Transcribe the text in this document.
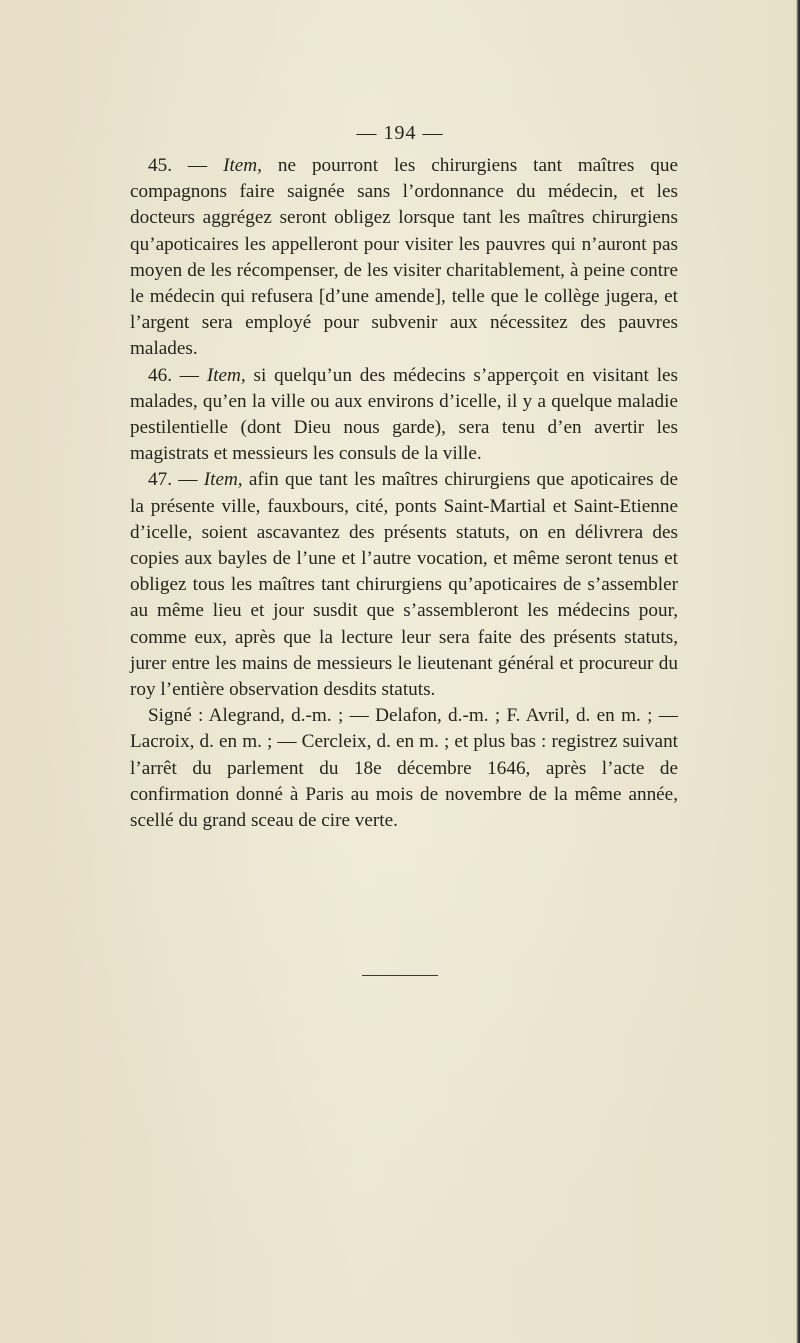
— 194 —

45. — Item, ne pourront les chirurgiens tant maîtres que compagnons faire saignée sans l’ordonnance du médecin, et les docteurs aggrégez seront obligez lorsque tant les maîtres chirurgiens qu’apoticaires les appelleront pour visiter les pauvres qui n’auront pas moyen de les récompenser, de les visiter charitablement, à peine contre le médecin qui refusera [d’une amende], telle que le collège jugera, et l’argent sera employé pour subvenir aux nécessitez des pauvres malades.

46. — Item, si quelqu’un des médecins s’apperçoit en visitant les malades, qu’en la ville ou aux environs d’icelle, il y a quelque maladie pestilentielle (dont Dieu nous garde), sera tenu d’en avertir les magistrats et messieurs les consuls de la ville.

47. — Item, afin que tant les maîtres chirurgiens que apoticaires de la présente ville, fauxbours, cité, ponts Saint-Martial et Saint-Etienne d’icelle, soient ascavantez des présents statuts, on en délivrera des copies aux bayles de l’une et l’autre vocation, et même seront tenus et obligez tous les maîtres tant chirurgiens qu’apoticaires de s’assembler au même lieu et jour susdit que s’assembleront les médecins pour, comme eux, après que la lecture leur sera faite des présents statuts, jurer entre les mains de messieurs le lieutenant général et procureur du roy l’entière observation desdits statuts.

Signé : Alegrand, d.-m. ; — Delafon, d.-m. ; F. Avril, d. en m. ; — Lacroix, d. en m. ; — Cercleix, d. en m. ; et plus bas : registrez suivant l’arrêt du parlement du 18e décembre 1646, après l’acte de confirmation donné à Paris au mois de novembre de la même année, scellé du grand sceau de cire verte.
